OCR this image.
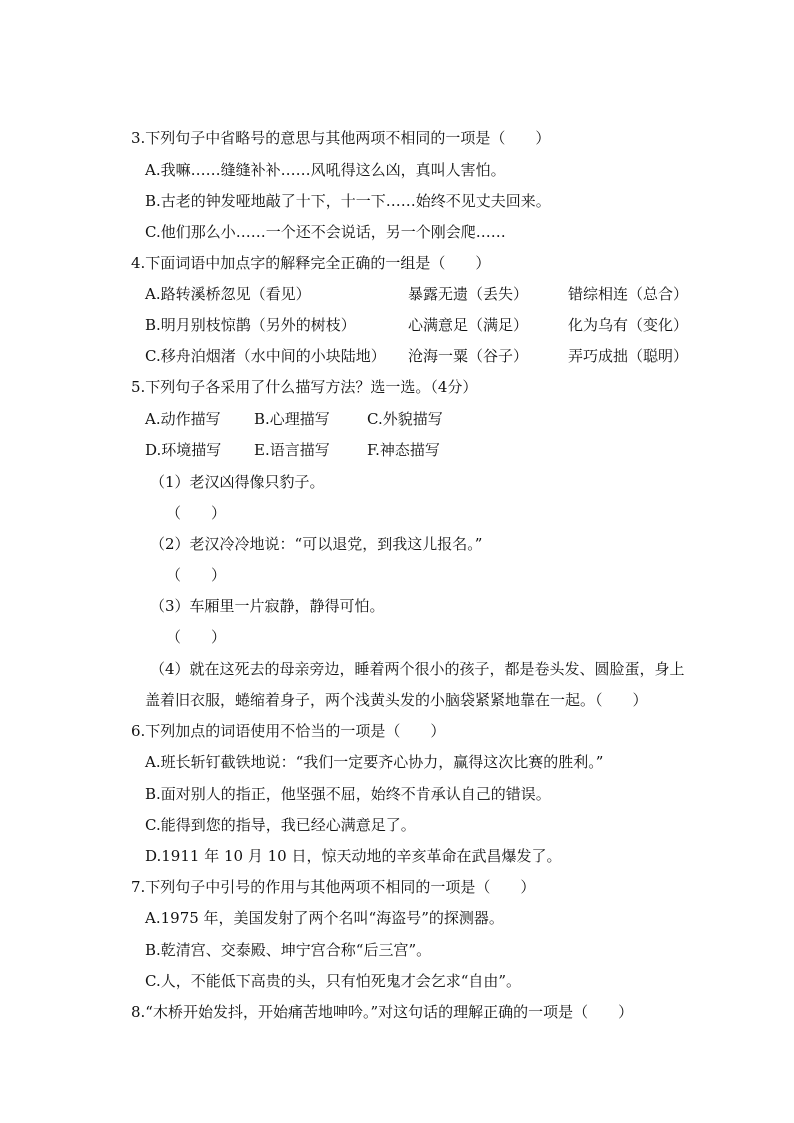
3.下列句子中省略号的意思与其他两项不相同的一项是（　　）
A.我嘛……缝缝补补……风吼得这么凶，真叫人害怕。
B.古老的钟发哑地敲了十下，十一下……始终不见丈夫回来。
C.他们那么小……一个还不会说话，另一个刚会爬……
4.下面词语中加点字的解释完全正确的一组是（　　）
A.路转溪桥忽见（看见）	暴露无遗（丢失）	错综相连（总合）
B.明月别枝惊鹊（另外的树枝）	心满意足（满足）	化为乌有（变化）
C.移舟泊烟渚（水中间的小块陆地） 沧海一粟（谷子）	弄巧成拙（聪明）
5.下列句子各采用了什么描写方法？选一选。（4分）
A.动作描写 B.心理描写 C.外貌描写
D.环境描写 E.语言描写 F.神态描写
（1）老汉凶得像只豹子。
（　　）
（2）老汉冷冷地说：“可以退党，到我这儿报名。”
（　　）
（3）车厢里一片寂静，静得可怕。
（　　）
（4）就在这死去的母亲旁边，睡着两个很小的孩子，都是卷头发、圆脸蛋，身上
盖着旧衣服，蜷缩着身子，两个浅黄头发的小脑袋紧紧地靠在一起。（　　）
6.下列加点的词语使用不恰当的一项是（　　）
A.班长斩钉截铁地说：“我们一定要齐心协力，赢得这次比赛的胜利。”
B.面对别人的指正，他坚强不屈，始终不肯承认自己的错误。
C.能得到您的指导，我已经心满意足了。
D.1911 年 10 月 10 日，惊天动地的辛亥革命在武昌爆发了。
7.下列句子中引号的作用与其他两项不相同的一项是（　　）
A.1975 年，美国发射了两个名叫“海盗号”的探测器。
B.乾清宫、交泰殿、坤宁宫合称“后三宫”。
C.人，不能低下高贵的头，只有怕死鬼才会乞求“自由”。
8.“木桥开始发抖，开始痛苦地呻吟。”对这句话的理解正确的一项是（　　）
